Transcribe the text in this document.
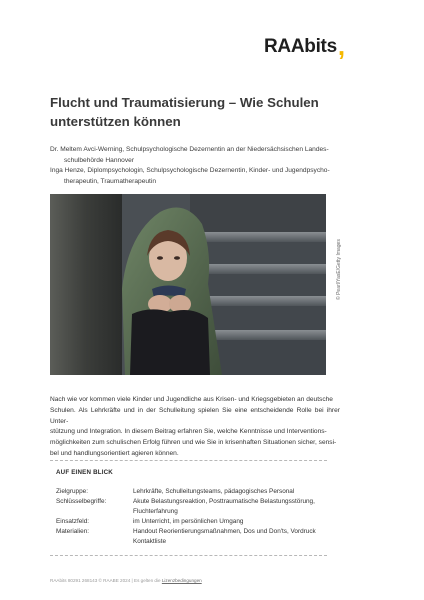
RAAbits,
Flucht und Traumatisierung – Wie Schulen
unterstützen können

Dr. Meltem Avci-Werning, Schulpsychologische Dezernentin an der Niedersächsischen Landes-

schulbehörde Hannover

Inga Henze, Diplompsychologin, Schulpsychologische Dezernentin, Kinder- und Jugendpsycho-

therapeutin, Traumatherapeutin

© Pearl/YasE/Getty Images
Nach wie vor kommen viele Kinder und Jugendliche aus Krisen- und Kriegsgebieten an deutsche
Schulen. Als Lehrkräfte und in der Schulleitung spielen Sie eine entscheidende Rolle bei ihrer Unter-
stützung und Integration. In diesem Beitrag erfahren Sie, welche Kenntnisse und Interventions-
möglichkeiten zum schulischen Erfolg führen und wie Sie in krisenhaften Situationen sicher, sensi-
bel und handlungsorientiert agieren können.
AUF EINEN BLICK
Zielgruppe:	Lehrkräfte, Schulleitungsteams, pädagogisches Personal
Schlüsselbegriffe:	Akute Belastungsreaktion, Posttraumatische Belastungsstörung,
Fluchterfahrung
Einsatzfeld:	im Unterricht, im persönlichen Umgang
Materialien:	Handout Reorientierungsmaßnahmen, Dos und Don'ts, Vordruck
Kontaktliste
RAAbits 80291 268143 © RAABE 2024 | Es gelten die Lizenzbedingungen
